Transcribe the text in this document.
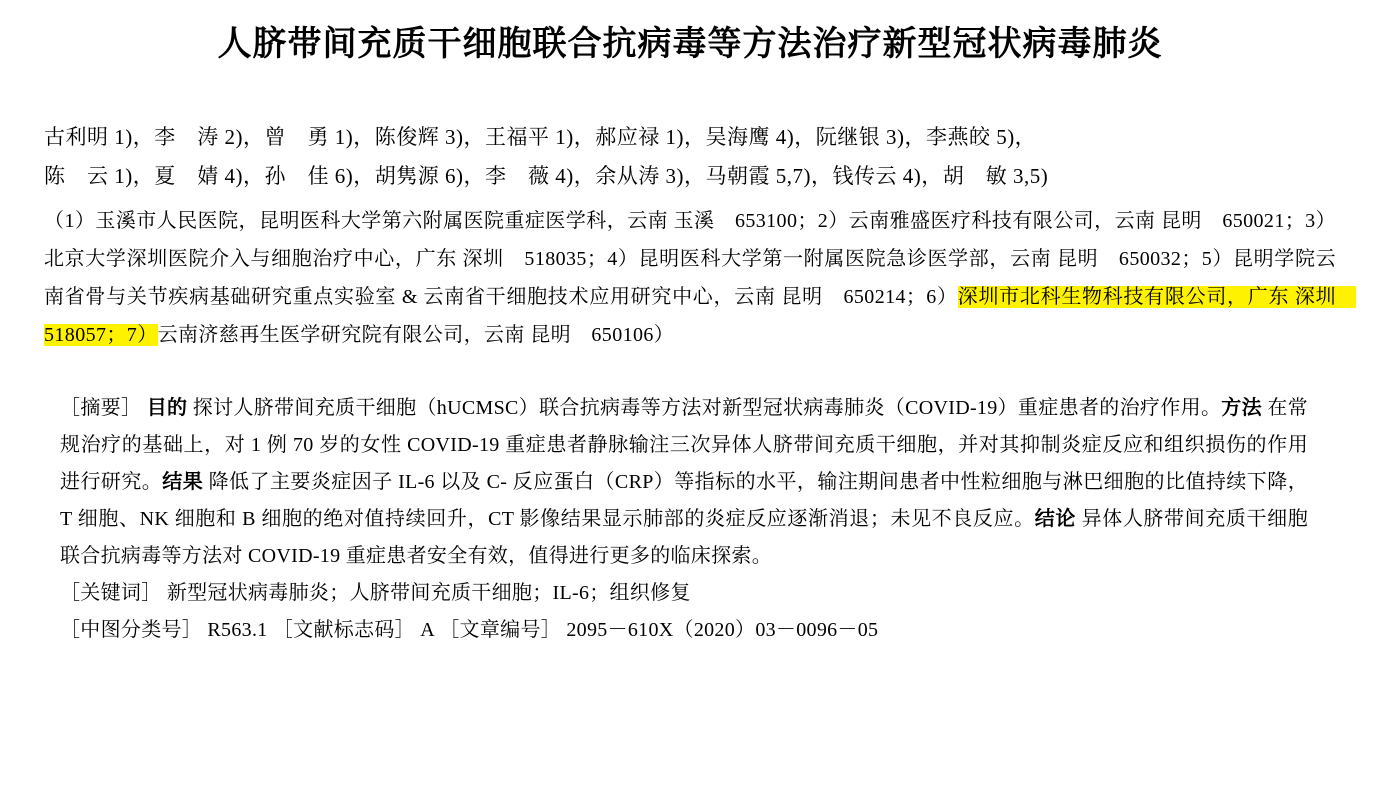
人脐带间充质干细胞联合抗病毒等方法治疗新型冠状病毒肺炎
古利明 1)，李　涛 2)，曾　勇 1)，陈俊辉 3)，王福平 1)，郝应禄 1)，吴海鹰 4)，阮继银 3)，李燕皎 5)，
陈　云 1)，夏　婧 4)，孙　佳 6)，胡隽源 6)，李　薇 4)，余从涛 3)，马朝霞 5,7)，钱传云 4)，胡　敏 3,5)
（1）玉溪市人民医院，昆明医科大学第六附属医院重症医学科，云南 玉溪　653100；2）云南雅盛医疗科技有限公司，云南 昆明　650021；3）北京大学深圳医院介入与细胞治疗中心，广东 深圳　518035；4）昆明医科大学第一附属医院急诊医学部，云南 昆明　650032；5）昆明学院云南省骨与关节疾病基础研究重点实验室 & 云南省干细胞技术应用研究中心，云南 昆明　650214；6）深圳市北科生物科技有限公司，广东 深圳　518057；7）云南济慈再生医学研究院有限公司，云南 昆明　650106）

［摘要］ 目的 探讨人脐带间充质干细胞（hUCMSC）联合抗病毒等方法对新型冠状病毒肺炎（COVID-19）重症患者的治疗作用。方法 在常规治疗的基础上，对 1 例 70 岁的女性 COVID-19 重症患者静脉输注三次异体人脐带间充质干细胞，并对其抑制炎症反应和组织损伤的作用进行研究。结果 降低了主要炎症因子 IL-6 以及 C- 反应蛋白（CRP）等指标的水平，输注期间患者中性粒细胞与淋巴细胞的比值持续下降，T 细胞、NK 细胞和 B 细胞的绝对值持续回升，CT 影像结果显示肺部的炎症反应逐渐消退；未见不良反应。结论 异体人脐带间充质干细胞联合抗病毒等方法对 COVID-19 重症患者安全有效，值得进行更多的临床探索。

［关键词］ 新型冠状病毒肺炎；人脐带间充质干细胞；IL-6；组织修复

［中图分类号］ R563.1 ［文献标志码］ A ［文章编号］ 2095－610X（2020）03－0096－05
